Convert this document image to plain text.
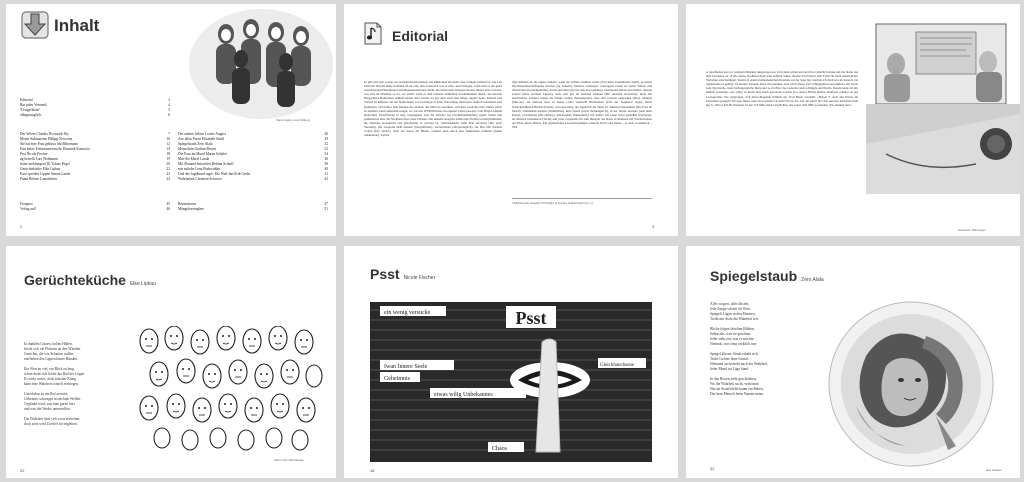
Inhalt
Maria Valero-Lisa Sittlerg
Editorial	3
Bar jeder Vernunft	4
'Textgeflüster'	5
alltagstauglich.	6
Der Wirrer Claudia Dvoracek-Iby	7
Meine Suktunterm Philipp Nowotny	10
Sie hat eine Frau geküsst Ida Märzmann	12
Fast keine Freimünsten mehr Dominik Kaznoicz	14
Psst Nicole Fischer	18
ng bestellt Lars Wohmann	19
letzte meldungen (II) Tobias Pegel	20
Gerüchteküche Elke Lipkau	22
Eure spröden Lippen Simon Landa	23
Fama Helene Lanschütser	24
Der andere Irrlinn Louise August	26
Aus allen Poren Elisabeth Strittl	29
Spiegelstaub Zero Alala	32
Menschein Gudrun Breyer	33
Die Frau im Mond Maren Schäfer	34
Mut-Sie Marie Landa	36
Mit Abstand betrachtet Bettina Scharff	38
mir zuliebe Lena Brzbwidder	40
Und der Jugdhund sagte: Die Welt Jan-Erik Grebe	41
Wahrheiten Christian Schwerz	43
Fernpost	45
Verlag auf!	46
Rezensionen	47
Mängelexemplare	51
2
Editorial
Es gibt und gab, soweit wir zurückschauen können, das Phänomen der mehr oder weniger stillen Post. Du Leit redit hin. Durchs Reife kommen d'Leit zam. Das Ganze hat was «Lebts» und Witziges, wenn man es die kräre aussterbenden Hausmeister und Hausmeisterinnen denkt, die neben dem Türspion-Posten immer alles wussten, was sich im Zinshaus so tut, vor allem, wenn es dem tobsusie familiären Zusammenhalt dienst, des manche Burgschlöss-Halbsatzen damich hatten. Das Gerede ist gäv eher auch eine gifige, ungare Seite. Klatsch und Tratsch ist Rafitant, der auf herkrebenes von Gertruppe in enter Wirtschaug seiin kann. Äußern bekanntest und kummend. Sich hinter dem Rücken der anderen das Maul zu zerreißen, sich über Gerüchte über andere selbst zu erhöhen, kann außerdem zeigen, wo wir uns WESENtliches im eigenen Leben passiert. Laut Brigid Althum ikanschlen Waschfrauen in lang vergangener Zeit die Wäsche zur Fleckenbekämpfung gegen Steine und spekulierten über die Nachbarn ihrer jener Flecken. Die aktuelle Ausgabe erhält eine Vielfalt an Möglichkeiten, die amüsant, erstaunlich und gleichzeitig so vertraut ist. Gerüchteküche kann man servieren (Bar jeder Vernunft), mit zweierlei Maß messen (Textgeflüster), verzerrbelten (alltagstauglich), zur Bax hält machen wollen (Der Wirrer), recht nur durch die Blume, sondern auch durch eine Sukkulenta erzählen (meine Sukkulente), welche
tiger nehmen als die eigene Toilette, wenn die Wände erzählen würde (Fast keine Freimünsten mehr), zu seiner Wochenendbeschäftigung machen (ng bestellt), flüstern, verbiegen, schwappen lassen ist seriös Wellen und unterstellen (Gerüchteküche), durch sprechen (Sie hat eine Frau geküsst), zum Reden haben statt immer eigenen Lieben (Eure spröden Lippen), auch sehr gut im Abstand erlebten (Mit Abstand betrachtet), nicht nur beschreiben, sondern folgen die Kleine sachen (Spiegelstaub), leise und verreckt auspacken (Psst), träumen (Mut-sie), am liebsten leise in meine Liebe vielleicht Buchstaben (Und der Jugdhund sagte), durch beirückelehiteten Bildern (Fama), von oben Oma, die eigentlich die Tante ist, diktieren bekommen (Die Frau im Mond), Wahrheiten nennen (Wahrheiten), kurz fassen (letzte meldungen II), in der Sterne drucken (Aus allen Poren), verschieben (mir zuliebe), aufbauschen (Menschein), mit Koffer auf ronen Sofas genießen (Fernpost), als Musical inszenieren (Verlag auf!) und vorgestellt-bis zum Beispiel das Buch «Liebeleien mit Wurfreformen am Ende dieses Heftes. Ein genüssliches Leseeinvergnügen wünscht Euch oder Ihnen – je nach Gesshmack – dTA
I Editorial der Ausgabe #70 Kaffee & Kuchen & Rosinenbrot (2, 2)
3
er geschieden und vor wenigen Monaten umgezogen sei. Und dann schaut und spricht er plötzlich Anna und Jan direkt aus dem Fernseher an: «Falls meine Nachbarn mich jetzt zufällig sehen, möchte ich mich in aller Form für mein unmögliches Verhalten entschuldigen. Wenn ich einem mathematischen Problem auf der Spur bin, befinde ich mich wie im Rausch, bis irgendwann es gelingt. Zu meiner Schande muss ich gestehen, dass ich in dieser Zeit richtiggehend verwahrlose, die Nacht zum Tag mache, laute Selbstgespräche führe und ja, im Eifer des Gefechts auch schimpfe und fluche. Darum kann ich mir lebhaft vorstellen, was völlig zu Recht über mich getratscht worden ist.» Anton Handy lächelt. Hektisch schaltet sie auf Lautsprecher. Die aufgeregte, sich überschlagende Stimme der Frau Bauer erschallt: «Haben S' auch den Wirrer im Fernsehen gesehen? Ich sage Ihnen, kein Wort glaube ich dem! Ein Dr. Dr. soll der sein?! Ha! Auf unseren Türschild steht nur G. Wirrer. Ein Hochstapler ist der! Ich fühle mich verpflichtet, das sofort dem ORF zu melden. Was meinen Sie?»
Sandra E. Mareinger
Gerüchteküche Elke Lipkau

In dunklen Gassen, hohen Hallen,
bricht sich ein Flüstern an den Wänden.
Gerüchte, die wie Schatten wallen,
entfliehen den Lippen hinter Händen.

Ein Wort zu viel, ein Blick zu lang,
schon dreht sich leicht das Rad der Lügen.
Es wirkt seriös, doch falscher Klang
kann eine Wahrheit schnell verbiegen.

Unsichtbar ist ein Ruf zerstört,
Geheimes schwappt in seichten Wellen.
Geglaubt wird, was man gerne hört
und was die Neider unterstellen.

Die Wahrheit lässt sich zwar erstreiten,
doch stets wird Zweifel sie begleiten.

Zehra Schmidt-Wange
22
Psst Nicole Fischer
Psst
ein wenig versucke
Iwan Innere Seele
Geheimnis
etwas wilig Unbekannes
Chaos
Gleichhauchsene
18
Spiegelstaub Zero Alala

Alles wispert, alles flüstert,
Jede Zunge schärft ihr Wort,
Spiegelt Lügen in den Mustern,
Treibt mit Stolz die Wahrheit fort.

Blicke folgen falschen Bildern,
Sehen das, was sie geschaut,
Jeder sieht nur, was er möchte,
Niemals, was einst wirklich war.

Spiegel klirren, Staub erhebt sich,
Trübe Lichter ohne Grund,
Niemand sucht mehr nach der Wahrheit,
Jeder Mund tut Lüge kund.

In den Rissen zieht geschrieben,
Wo die Wahrheit sucht, verformte,
Nur im Staub bleibt kaum ein Reben,
Das kein Mensch beim Namen nennt.

Eva Haspel
32
